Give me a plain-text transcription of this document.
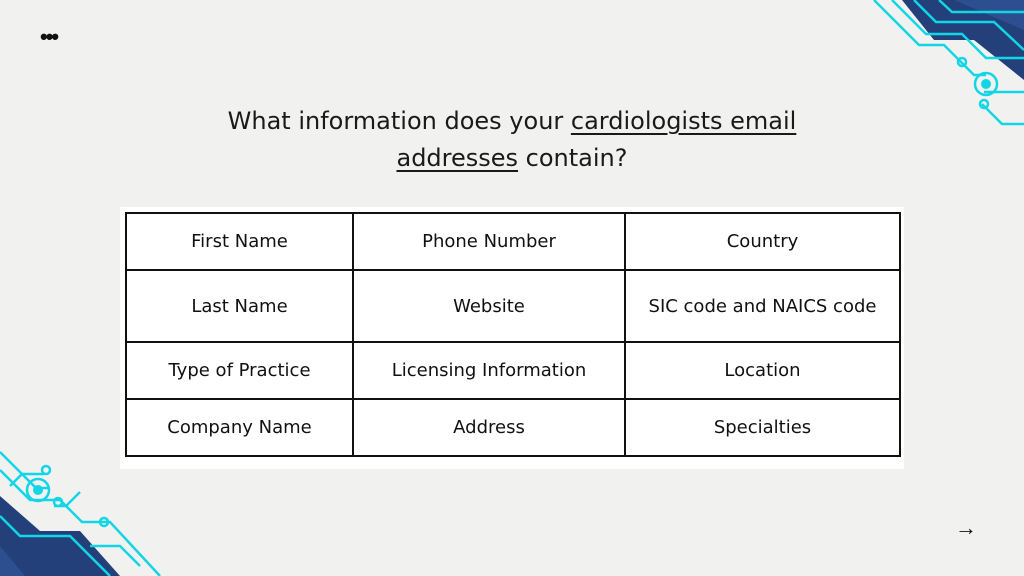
•••
What information does your cardiologists email
addresses contain?
First Name	Phone Number	Country
Last Name	Website	SIC code and NAICS code
Type of Practice	Licensing Information	Location
Company Name	Address	Specialties
→
